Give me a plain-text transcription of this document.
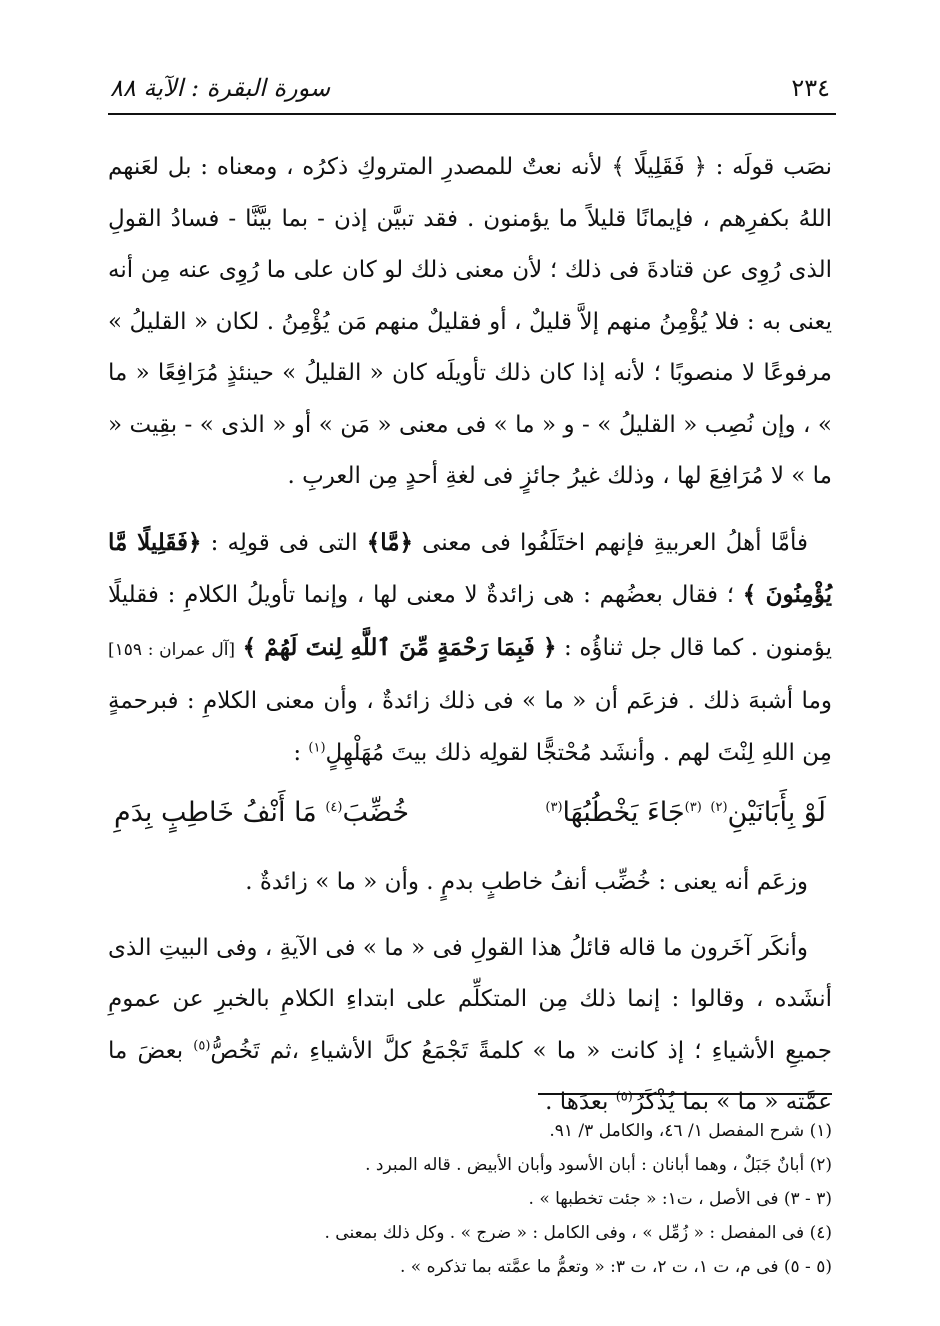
٢٣٤
سورة البقرة : الآية ٨٨

نصَب قولَه : ﴿ فَقَلِيلًا ﴾ لأنه نعتٌ للمصدرِ المتروكِ ذكرُه ، ومعناه : بل لعَنهم اللهُ بكفرِهم ، فإيمانًا قليلاً ما يؤمنون . فقد تبيَّن إذن - بما بيَّنَّا - فسادُ القولِ الذى رُوِى عن قتادةَ فى ذلك ؛ لأن معنى ذلك لو كان على ما رُوِى عنه مِن أنه يعنى به : فلا يُؤْمِنُ منهم إلاَّ قليلٌ ، أو فقليلٌ منهم مَن يُؤْمِنُ . لكان « القليلُ » مرفوعًا لا منصوبًا ؛ لأنه إذا كان ذلك تأويلَه كان « القليلُ » حينئذٍ مُرَافِعًا « ما » ، وإن نُصِب « القليلُ » - و « ما » فى معنى « مَن » أو « الذى » - بقِيت « ما » لا مُرَافِعَ لها ، وذلك غيرُ جائزٍ فى لغةِ أحدٍ مِن العربِ .

فأمَّا أهلُ العربيةِ فإنهم اختَلَفُوا فى معنى ﴿مَّا﴾ التى فى قولِه : ﴿فَقَلِيلًا مَّا يُؤْمِنُونَ ﴾ ؛ فقال بعضُهم : هى زائدةٌ لا معنى لها ، وإنما تأويلُ الكلامِ : فقليلًا يؤمنون . كما قال جل ثناؤُه : ﴿ فَبِمَا رَحْمَةٍ مِّنَ ٱللَّهِ لِنتَ لَهُمْ ﴾ [آل عمران : ١٥٩] وما أشبهَ ذلك . فزعَم أن « ما » فى ذلك زائدةٌ ، وأن معنى الكلامِ : فبرحمةٍ مِن اللهِ لِنْتَ لهم . وأنشَد مُحْتجًّا لقولِه ذلك بيتَ مُهَلْهِلٍ$^{(١)}$ :

لَوْ بِأَبَانَيْنِ$^{(٢)}$ $^{(٣)}$جَاءَ يَخْطُبُهَا$^{(٣)}$
خُضِّبَ$^{(٤)}$ مَا أَنْفُ خَاطِبٍ بِدَمِ

وزعَم أنه يعنى : خُضِّب أنفُ خاطبٍ بدمٍ . وأن « ما » زائدةٌ .

وأنكَر آخَرون ما قاله قائلُ هذا القولِ فى « ما » فى الآيةِ ، وفى البيتِ الذى أنشَده ، وقالوا : إنما ذلك مِن المتكلِّم على ابتداءِ الكلامِ بالخبرِ عن عمومِ جميعِ الأشياءِ ؛ إذ كانت « ما » كلمةً تَجْمَعُ كلَّ الأشياءِ ،ثم تَخُصُّ$^{(٥)}$ بعضَ ما عمَّته « ما » بما يُذْكَرُ$^{(٥)}$ بعدَها .

(١) شرح المفصل ١/ ٤٦، والكامل ٣/ ٩١.

(٢) أبانٌ جَبَلٌ ، وهما أبانان : أبان الأسود وأبان الأبيض . قاله المبرد .

(٣ - ٣) فى الأصل ، ت١: « جئت تخطبها » .

(٤) فى المفصل : « زُمِّل » ، وفى الكامل : « ضرج » . وكل ذلك بمعنى .

(٥ - ٥) فى م، ت ١، ت ٢، ت ٣: « وتعمُّ ما عمَّته بما تذكره » .
